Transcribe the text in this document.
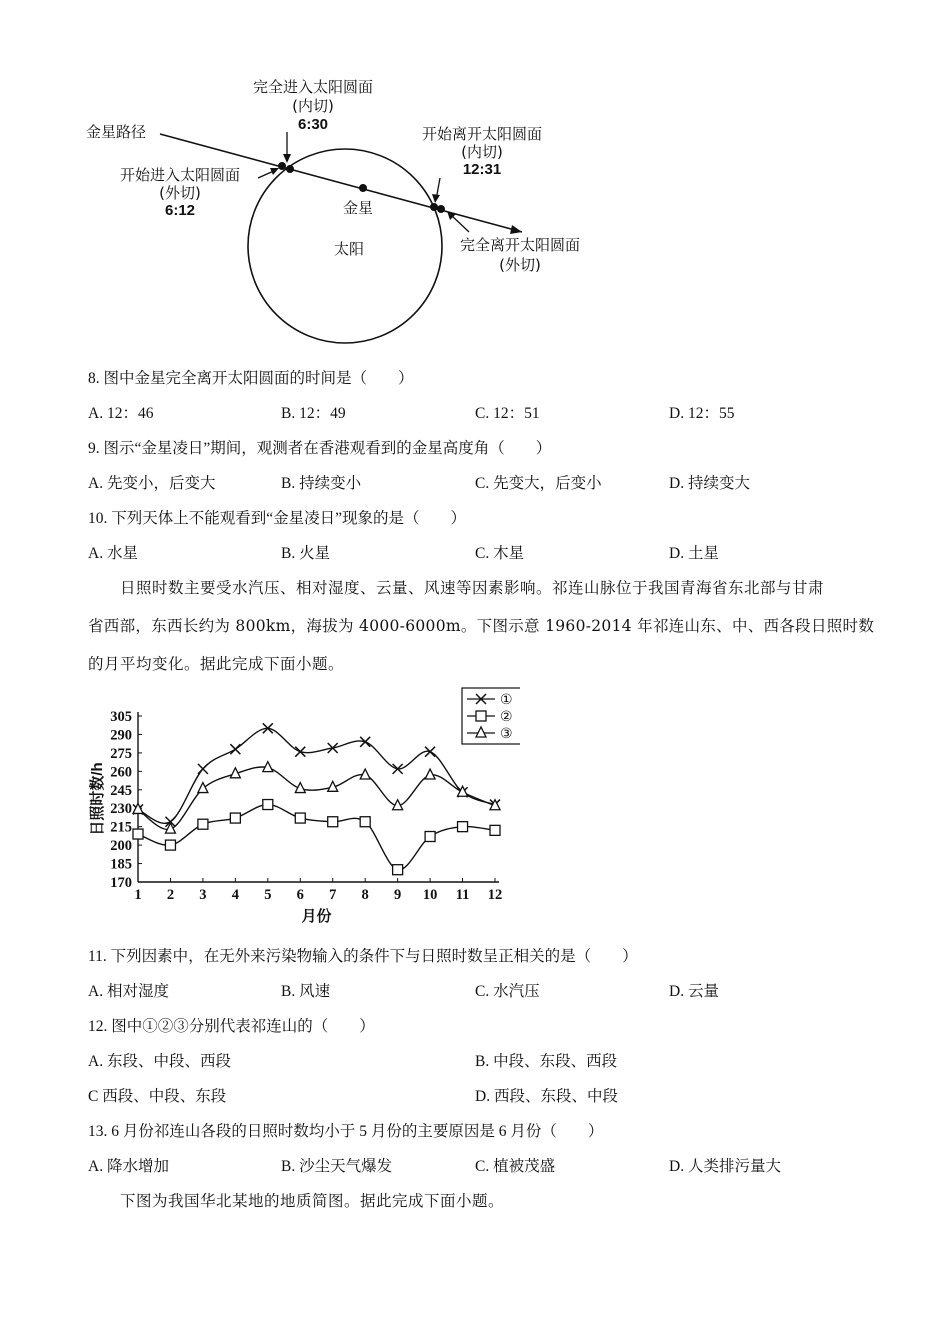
金星路径
太阳
金星
完全进入太阳圆面
(内切)
6:30
开始进入太阳圆面
(外切)
6:12
开始离开太阳圆面
(内切)
12:31
完全离开太阳圆面
(外切)
8. 图中金星完全离开太阳圆面的时间是（　　）
A. 12：46	B. 12：49	C. 12：51	D. 12：55
9. 图示“金星凌日”期间，观测者在香港观看到的金星高度角（　　）
A. 先变小，后变大	B. 持续变小	C. 先变大，后变小	D. 持续变大
10. 下列天体上不能观看到“金星凌日”现象的是（　　）
A. 水星	B. 火星	C. 木星	D. 土星
日照时数主要受水汽压、相对湿度、云量、风速等因素影响。祁连山脉位于我国青海省东北部与甘肃
省西部，东西长约为 800km，海拔为 4000-6000m。下图示意 1960-2014 年祁连山东、中、西各段日照时数
的月平均变化。据此完成下面小题。
305
290
275
260
245
230
215
200
185
170
1 2 3 4 5 6 7 8 9 10 11 12
月份
日照时数/h
①
②
③
11. 下列因素中，在无外来污染物输入的条件下与日照时数呈正相关的是（　　）
A. 相对湿度	B. 风速	C. 水汽压	D. 云量
12. 图中①②③分别代表祁连山的（　　）
A. 东段、中段、西段	B. 中段、东段、西段
C 西段、中段、东段	D. 西段、东段、中段
13. 6 月份祁连山各段的日照时数均小于 5 月份的主要原因是 6 月份（　　）
A. 降水增加	B. 沙尘天气爆发	C. 植被茂盛	D. 人类排污量大
下图为我国华北某地的地质简图。据此完成下面小题。
